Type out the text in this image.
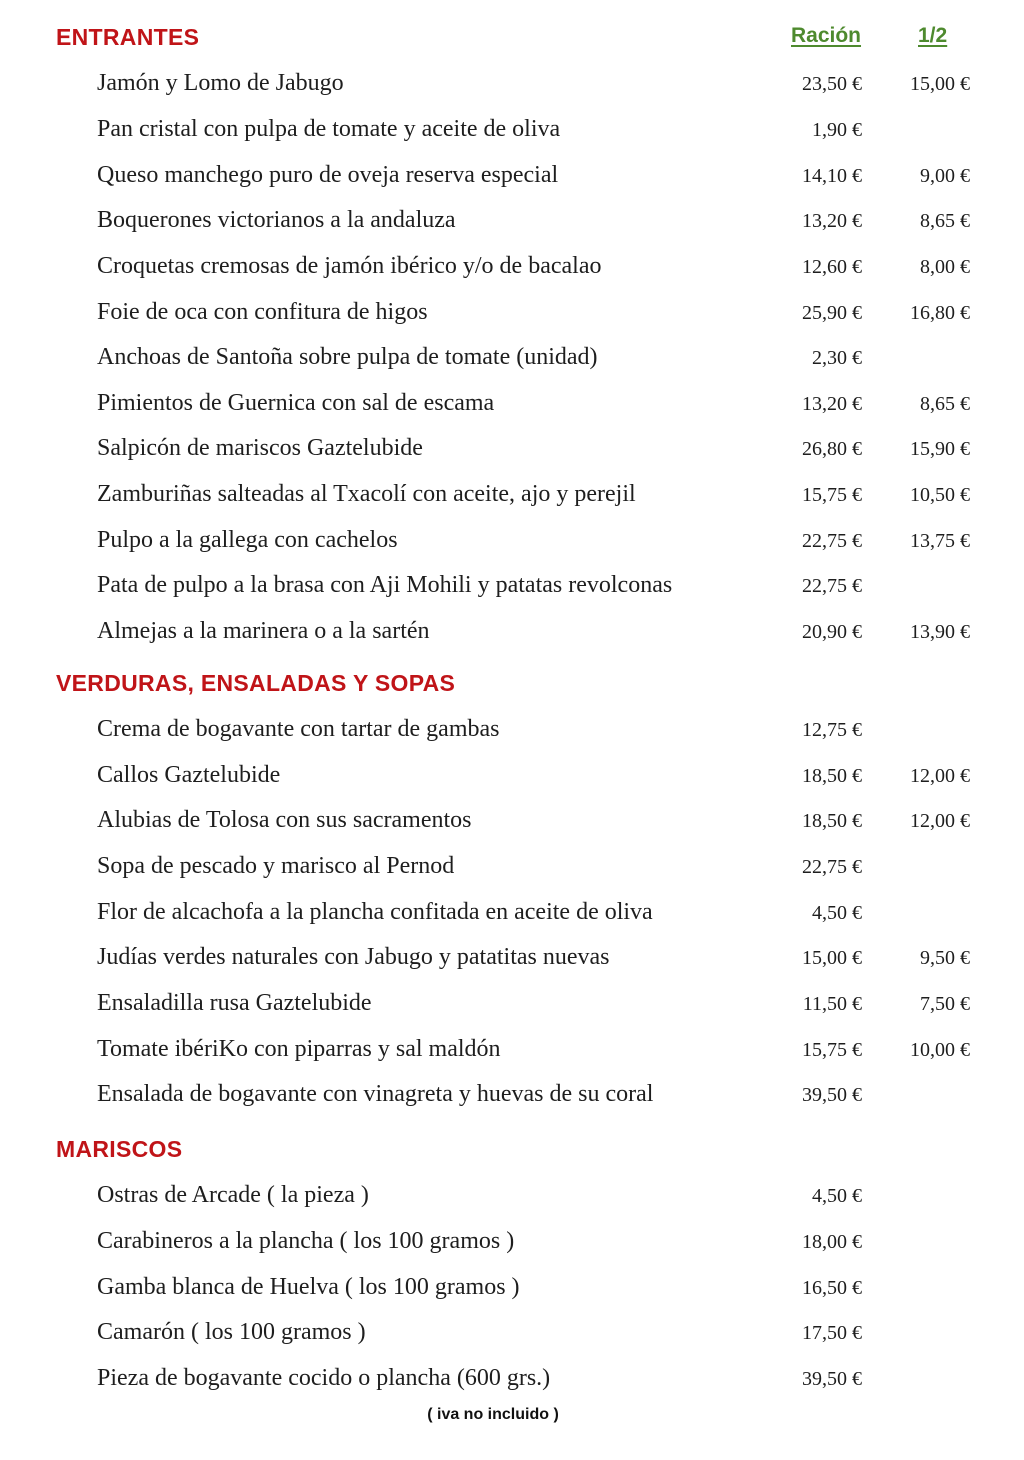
Ración	1/2
ENTRANTES
Jamón y Lomo de Jabugo	23,50 €	15,00 €
Pan cristal con pulpa de tomate y aceite de oliva	1,90 €
Queso manchego puro de oveja reserva especial	14,10 €	9,00 €
Boquerones victorianos a la andaluza	13,20 €	8,65 €
Croquetas cremosas de jamón ibérico y/o de bacalao	12,60 €	8,00 €
Foie de oca con confitura de higos	25,90 €	16,80 €
Anchoas de Santoña sobre pulpa de tomate (unidad)	2,30 €
Pimientos de Guernica con sal de escama	13,20 €	8,65 €
Salpicón de mariscos Gaztelubide	26,80 €	15,90 €
Zamburiñas salteadas al Txacolí con aceite, ajo y perejil	15,75 €	10,50 €
Pulpo a la gallega con cachelos	22,75 €	13,75 €
Pata de pulpo a la brasa con Aji Mohili y patatas revolconas	22,75 €
Almejas a la marinera o a la sartén	20,90 €	13,90 €
VERDURAS, ENSALADAS Y SOPAS
Crema de bogavante con tartar de gambas	12,75 €
Callos Gaztelubide	18,50 €	12,00 €
Alubias de Tolosa con sus sacramentos	18,50 €	12,00 €
Sopa de pescado y marisco al Pernod	22,75 €
Flor de alcachofa a la plancha confitada en aceite de oliva	4,50 €
Judías verdes naturales con Jabugo y patatitas nuevas	15,00 €	9,50 €
Ensaladilla rusa Gaztelubide	11,50 €	7,50 €
Tomate ibériKo con piparras y sal maldón	15,75 €	10,00 €
Ensalada de bogavante con vinagreta y huevas de su coral	39,50 €
MARISCOS
Ostras de Arcade ( la pieza )	4,50 €
Carabineros a la plancha ( los 100 gramos )	18,00 €
Gamba blanca de Huelva ( los 100 gramos )	16,50 €
Camarón ( los 100 gramos )	17,50 €
Pieza de bogavante cocido o plancha (600 grs.)	39,50 €
( iva no incluido )
